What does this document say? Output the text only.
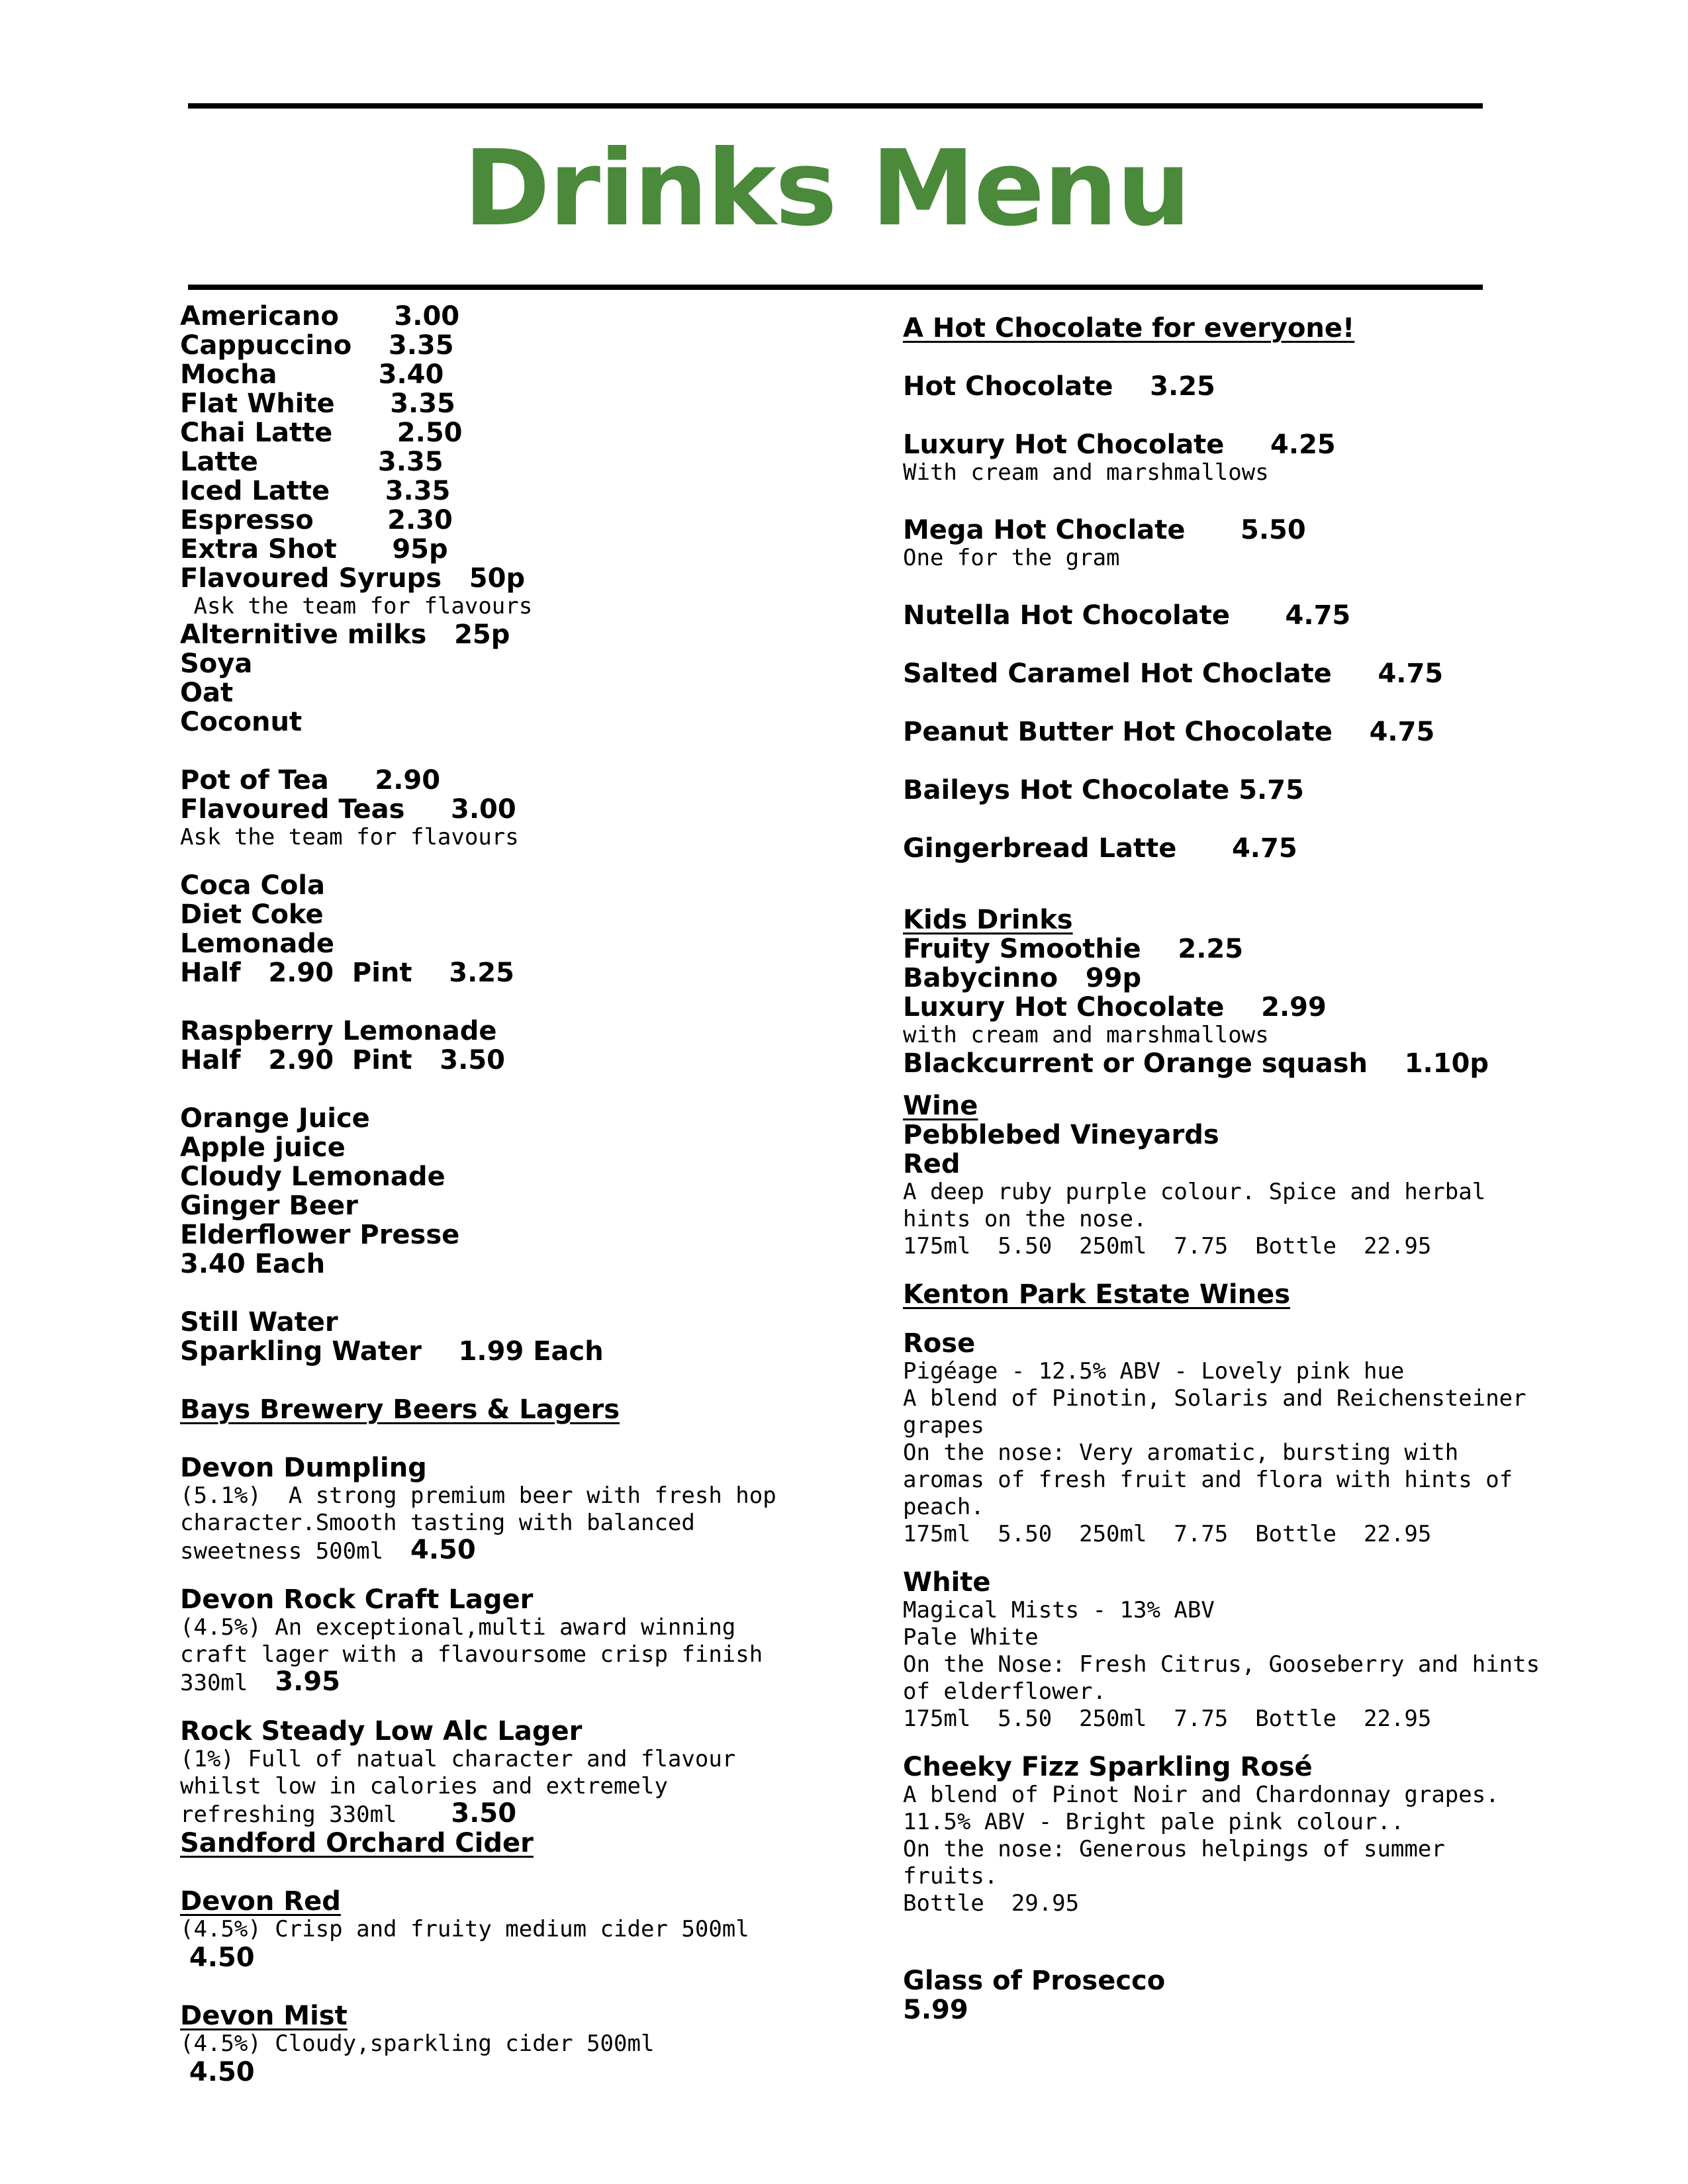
Drinks Menu

Americano      3.00

Cappuccino    3.35

Mocha           3.40

Flat White      3.35

Chai Latte       2.50

Latte             3.35

Iced Latte      3.35

Espresso        2.30

Extra Shot      95p

Flavoured Syrups   50p

Ask the team for flavours

Alternitive milks   25p

Soya

Oat

Coconut

Pot of Tea     2.90

Flavoured Teas     3.00

Ask the team for flavours

Coca Cola

Diet Coke

Lemonade

Half   2.90  Pint    3.25

Raspberry Lemonade

Half   2.90  Pint   3.50

Orange Juice

Apple juice

Cloudy Lemonade

Ginger Beer

Elderflower Presse

3.40 Each

Still Water

Sparkling Water    1.99 Each

Bays Brewery Beers & Lagers

Devon Dumpling

(5.1%)  A strong premium beer with fresh hop

character.Smooth tasting with balanced

sweetness 500ml  4.50

Devon Rock Craft Lager

(4.5%) An exceptional,multi award winning

craft lager with a flavoursome crisp finish

330ml  3.95

Rock Steady Low Alc Lager

(1%) Full of natual character and flavour

whilst low in calories and extremely

refreshing 330ml    3.50

Sandford Orchard Cider

Devon Red

(4.5%) Crisp and fruity medium cider 500ml

4.50

Devon Mist

(4.5%) Cloudy,sparkling cider 500ml

4.50

A Hot Chocolate for everyone!

Hot Chocolate    3.25

Luxury Hot Chocolate     4.25

With cream and marshmallows

Mega Hot Choclate      5.50

One for the gram

Nutella Hot Chocolate      4.75

Salted Caramel Hot Choclate     4.75

Peanut Butter Hot Chocolate    4.75

Baileys Hot Chocolate 5.75

Gingerbread Latte      4.75

Kids Drinks

Fruity Smoothie    2.25

Babycinno   99p

Luxury Hot Chocolate    2.99

with cream and marshmallows

Blackcurrent or Orange squash    1.10p

Wine

Pebblebed Vineyards

Red

A deep ruby purple colour. Spice and herbal

hints on the nose.

175ml  5.50  250ml  7.75  Bottle  22.95

Kenton Park Estate Wines

Rose

Pigéage - 12.5% ABV - Lovely pink hue

A blend of Pinotin, Solaris and Reichensteiner

grapes

On the nose: Very aromatic, bursting with

aromas of fresh fruit and flora with hints of

peach.

175ml  5.50  250ml  7.75  Bottle  22.95

White

Magical Mists - 13% ABV

Pale White

On the Nose: Fresh Citrus, Gooseberry and hints

of elderflower.

175ml  5.50  250ml  7.75  Bottle  22.95

Cheeky Fizz Sparkling Rosé

A blend of Pinot Noir and Chardonnay grapes.

11.5% ABV - Bright pale pink colour..

On the nose: Generous helpings of summer

fruits.

Bottle  29.95

Glass of Prosecco

5.99
